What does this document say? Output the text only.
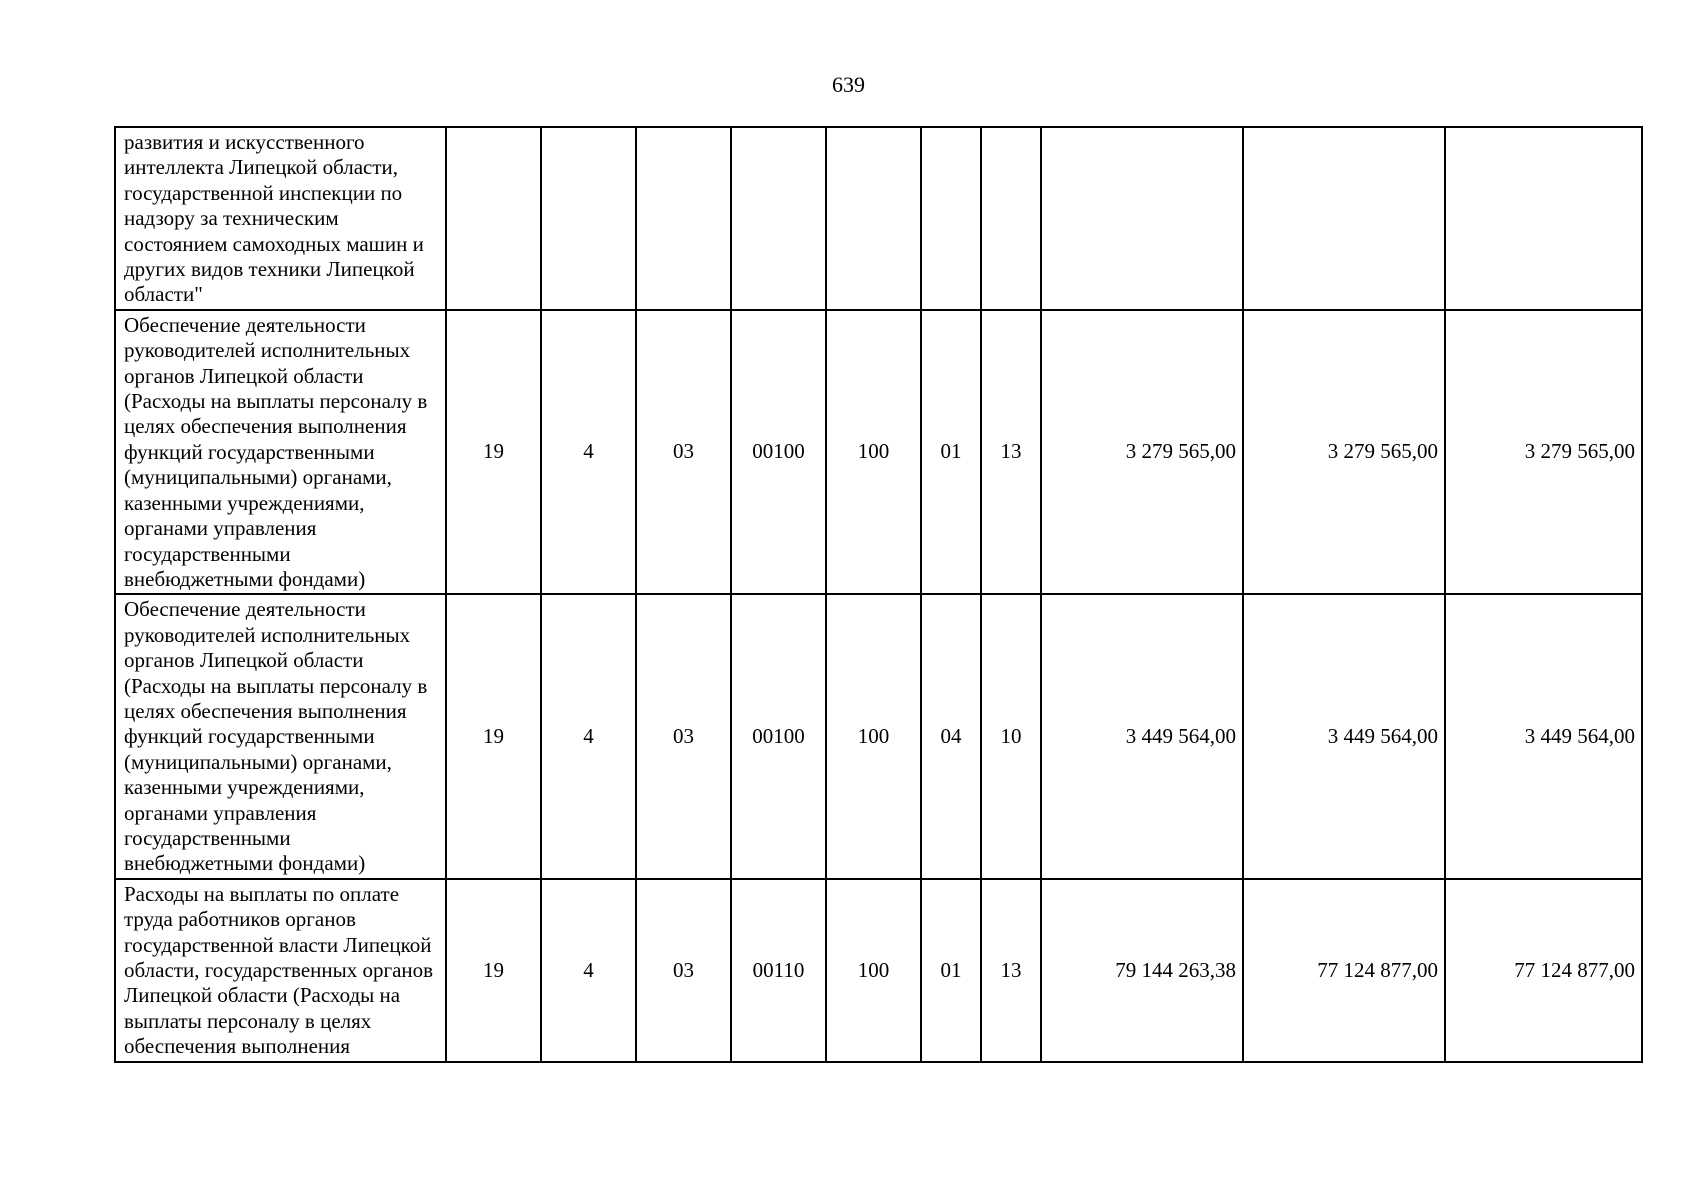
639
развития и искусственного интеллекта Липецкой области, государственной инспекции по надзору за техническим состоянием самоходных машин и других видов техники Липецкой области"										
Обеспечение деятельности руководителей исполнительных органов Липецкой области (Расходы на выплаты персоналу в целях обеспечения выполнения функций государственными (муниципальными) органами, казенными учреждениями, органами управления государственными внебюджетными фондами)	19	4	03	00100	100	01	13	3 279 565,00	3 279 565,00	3 279 565,00
Обеспечение деятельности руководителей исполнительных органов Липецкой области (Расходы на выплаты персоналу в целях обеспечения выполнения функций государственными (муниципальными) органами, казенными учреждениями, органами управления государственными внебюджетными фондами)	19	4	03	00100	100	04	10	3 449 564,00	3 449 564,00	3 449 564,00
Расходы на выплаты по оплате труда работников органов государственной власти Липецкой области, государственных органов Липецкой области (Расходы на выплаты персоналу в целях обеспечения выполнения	19	4	03	00110	100	01	13	79 144 263,38	77 124 877,00	77 124 877,00
